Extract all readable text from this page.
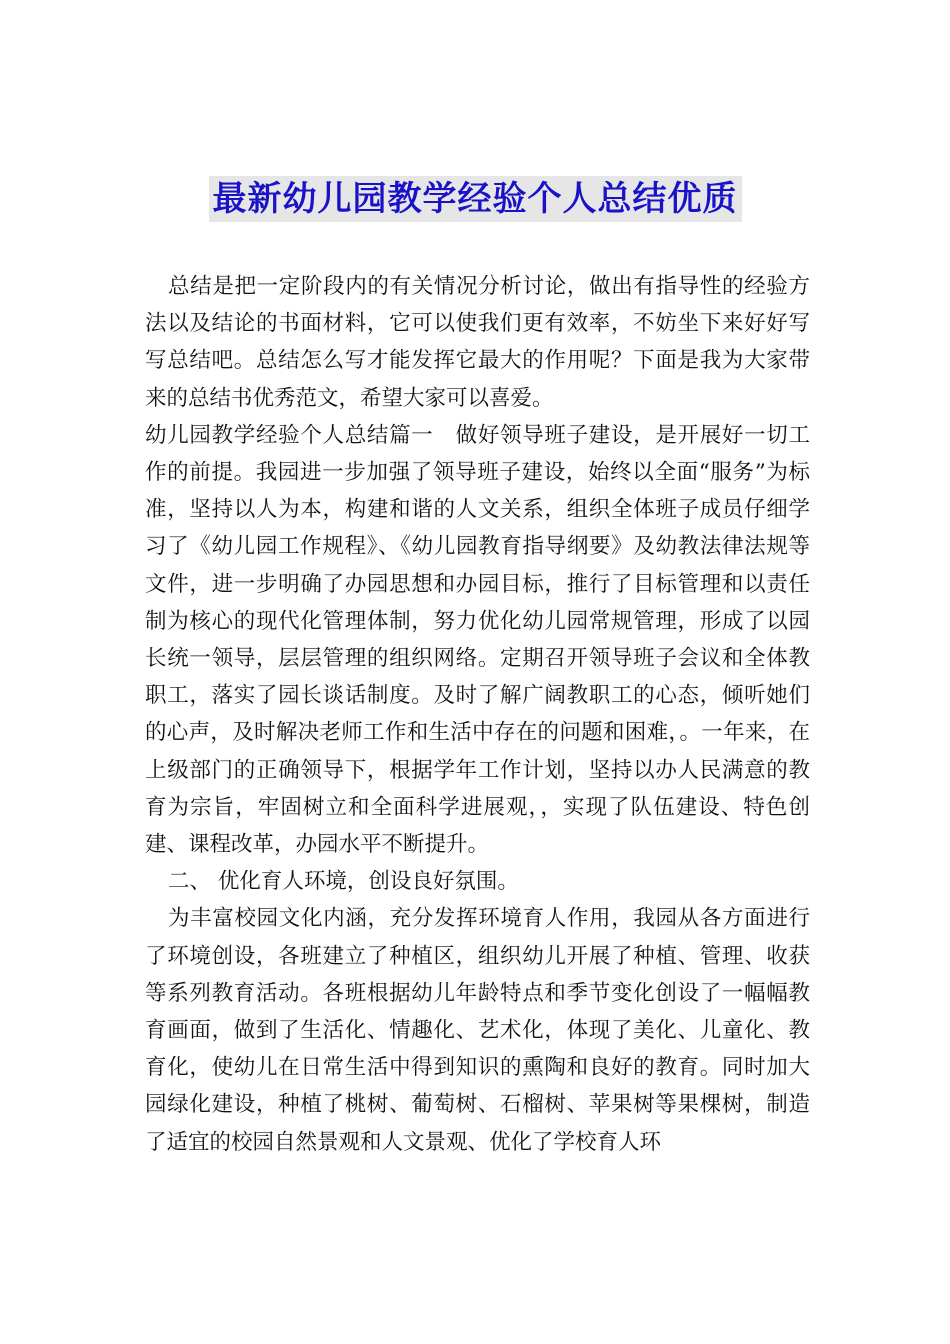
最新幼儿园教学经验个人总结优质

总结是把一定阶段内的有关情况分析讨论，做出有指导性的经验方法以及结论的书面材料，它可以使我们更有效率，不妨坐下来好好写写总结吧。总结怎么写才能发挥它最大的作用呢？下面是我为大家带来的总结书优秀范文，希望大家可以喜爱。

幼儿园教学经验个人总结篇一　做好领导班子建设，是开展好一切工作的前提。我园进一步加强了领导班子建设，始终以全面“服务”为标准，坚持以人为本，构建和谐的人文关系，组织全体班子成员仔细学习了《幼儿园工作规程》、《幼儿园教育指导纲要》及幼教法律法规等文件，进一步明确了办园思想和办园目标，推行了目标管理和以责任制为核心的现代化管理体制，努力优化幼儿园常规管理，形成了以园长统一领导，层层管理的组织网络。定期召开领导班子会议和全体教职工，落实了园长谈话制度。及时了解广阔教职工的心态，倾听她们的心声，及时解决老师工作和生活中存在的问题和困难，。一年来，在上级部门的正确领导下，根据学年工作计划，坚持以办人民满意的教育为宗旨，牢固树立和全面科学进展观，，实现了队伍建设、特色创建、课程改革，办园水平不断提升。

二、 优化育人环境，创设良好氛围。

为丰富校园文化内涵，充分发挥环境育人作用，我园从各方面进行了环境创设，各班建立了种植区，组织幼儿开展了种植、管理、收获等系列教育活动。各班根据幼儿年龄特点和季节变化创设了一幅幅教育画面，做到了生活化、情趣化、艺术化，体现了美化、儿童化、教育化，使幼儿在日常生活中得到知识的熏陶和良好的教育。同时加大园绿化建设，种植了桃树、葡萄树、石榴树、苹果树等果棵树，制造了适宜的校园自然景观和人文景观、优化了学校育人环
